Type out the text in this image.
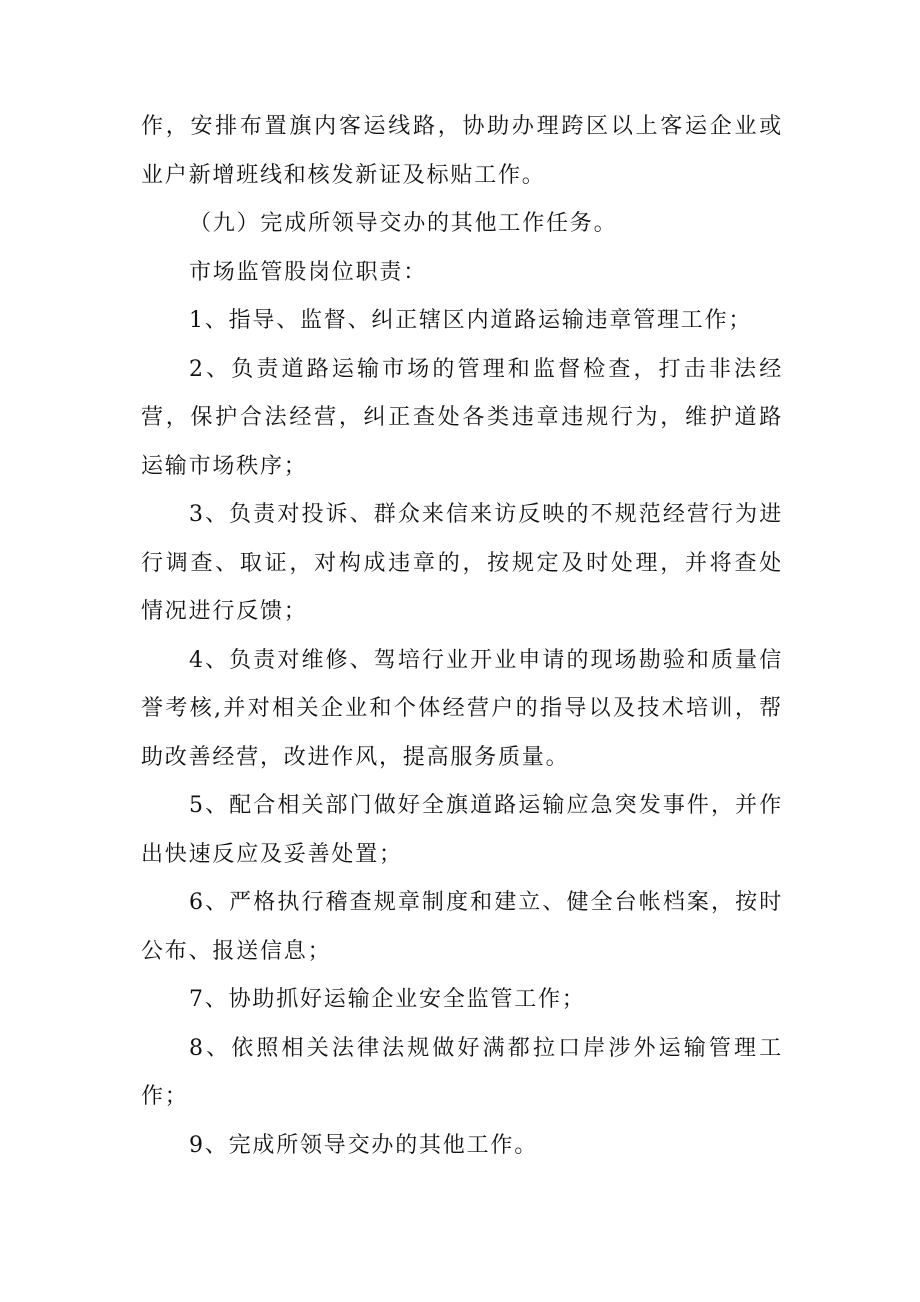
作，安排布置旗内客运线路，协助办理跨区以上客运企业或业户新增班线和核发新证及标贴工作。

（九）完成所领导交办的其他工作任务。

市场监管股岗位职责：

1、指导、监督、纠正辖区内道路运输违章管理工作；

2、负责道路运输市场的管理和监督检查，打击非法经营，保护合法经营，纠正查处各类违章违规行为，维护道路运输市场秩序；

3、负责对投诉、群众来信来访反映的不规范经营行为进行调查、取证，对构成违章的，按规定及时处理，并将查处情况进行反馈；

4、负责对维修、驾培行业开业申请的现场勘验和质量信誉考核,并对相关企业和个体经营户的指导以及技术培训，帮助改善经营，改进作风，提高服务质量。

5、配合相关部门做好全旗道路运输应急突发事件，并作出快速反应及妥善处置；

6、严格执行稽查规章制度和建立、健全台帐档案，按时公布、报送信息；

7、协助抓好运输企业安全监管工作；

8、依照相关法律法规做好满都拉口岸涉外运输管理工作；

9、完成所领导交办的其他工作。
